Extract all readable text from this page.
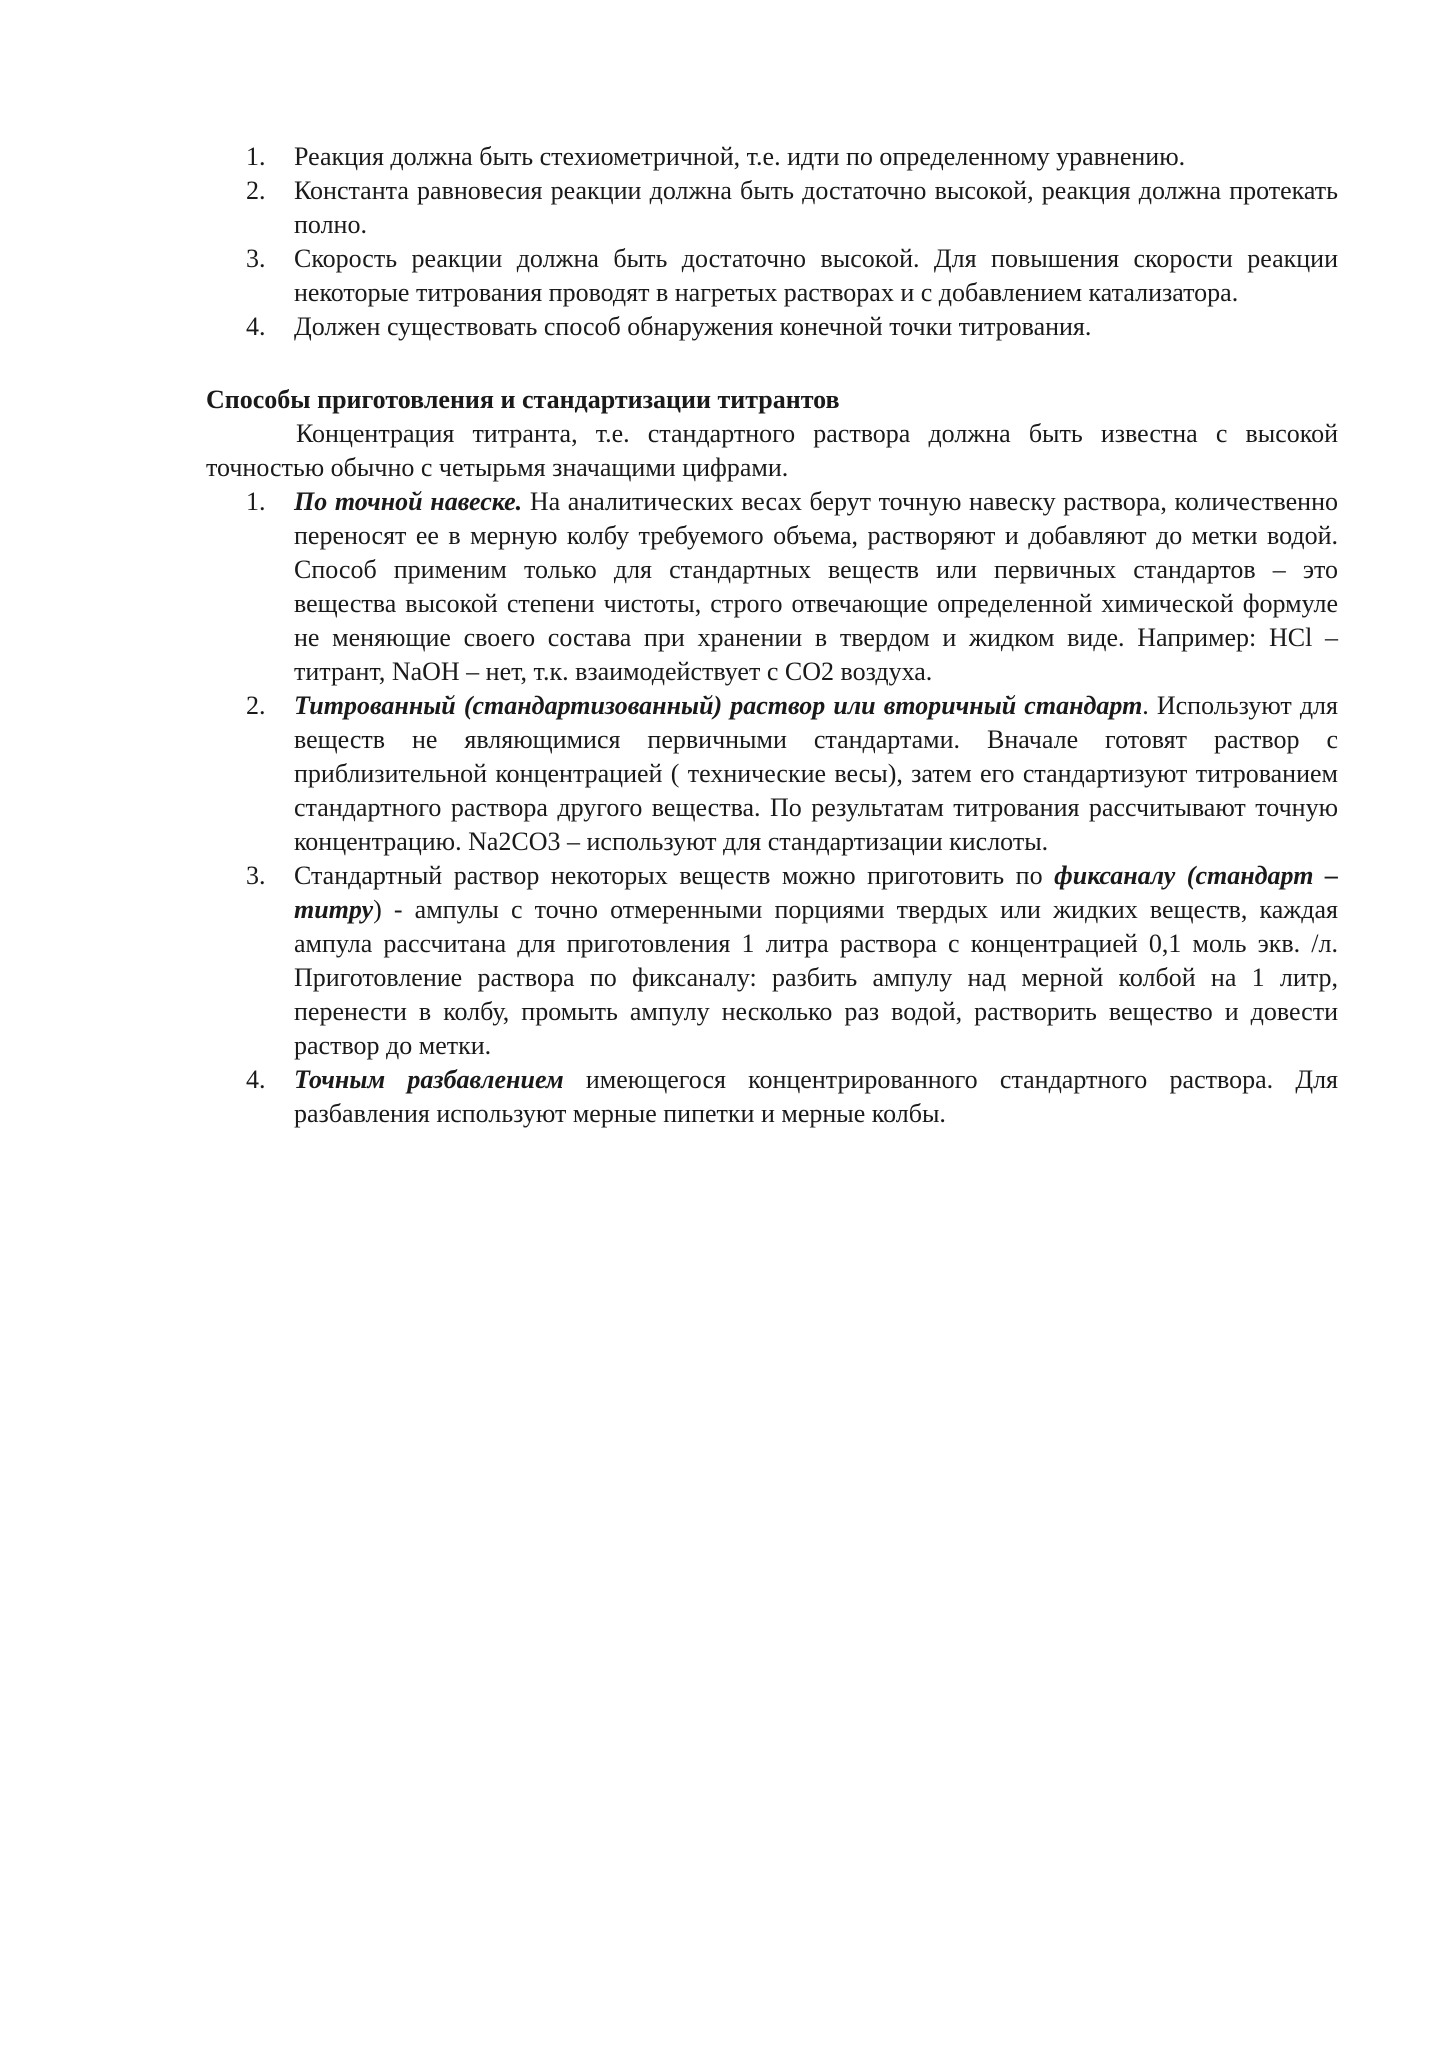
1.	Реакция должна быть стехиометричной, т.е. идти по определенному уравнению.
2.	Константа равновесия реакции должна быть достаточно высокой, реакция должна протекать полно.
3.	Скорость реакции должна быть достаточно высокой. Для повышения скорости реакции некоторые титрования проводят в нагретых растворах и с добавлением катализатора.
4.	Должен существовать способ обнаружения конечной точки титрования.
Способы приготовления и стандартизации титрантов
Концентрация титранта, т.е. стандартного раствора должна быть известна с высокой точностью обычно с четырьмя значащими цифрами.
1.	По точной навеске. На аналитических весах берут точную навеску раствора, количественно переносят ее в мерную колбу требуемого объема, растворяют и добавляют до метки водой. Способ применим только для стандартных веществ или первичных стандартов – это вещества высокой степени чистоты, строго отвечающие определенной химической формуле не меняющие своего состава при хранении в твердом и жидком виде. Например: HCl – титрант, NaOH – нет, т.к. взаимодействует с CO2 воздуха.
2.	Титрованный (стандартизованный) раствор или вторичный стандарт. Используют для веществ не являющимися первичными стандартами. Вначале готовят раствор с приблизительной концентрацией ( технические весы), затем его стандартизуют титрованием стандартного раствора другого вещества. По результатам титрования рассчитывают точную концентрацию. Na2CO3 – используют для стандартизации кислоты.
3.	Стандартный раствор некоторых веществ можно приготовить по фиксаналу (стандарт – титру) - ампулы с точно отмеренными порциями твердых или жидких веществ, каждая ампула рассчитана для приготовления 1 литра раствора с концентрацией 0,1 моль экв. /л. Приготовление раствора по фиксаналу: разбить ампулу над мерной колбой на 1 литр, перенести в колбу, промыть ампулу несколько раз водой, растворить вещество и довести раствор до метки.
4.	Точным разбавлением имеющегося концентрированного стандартного раствора. Для разбавления используют мерные пипетки и мерные колбы.
